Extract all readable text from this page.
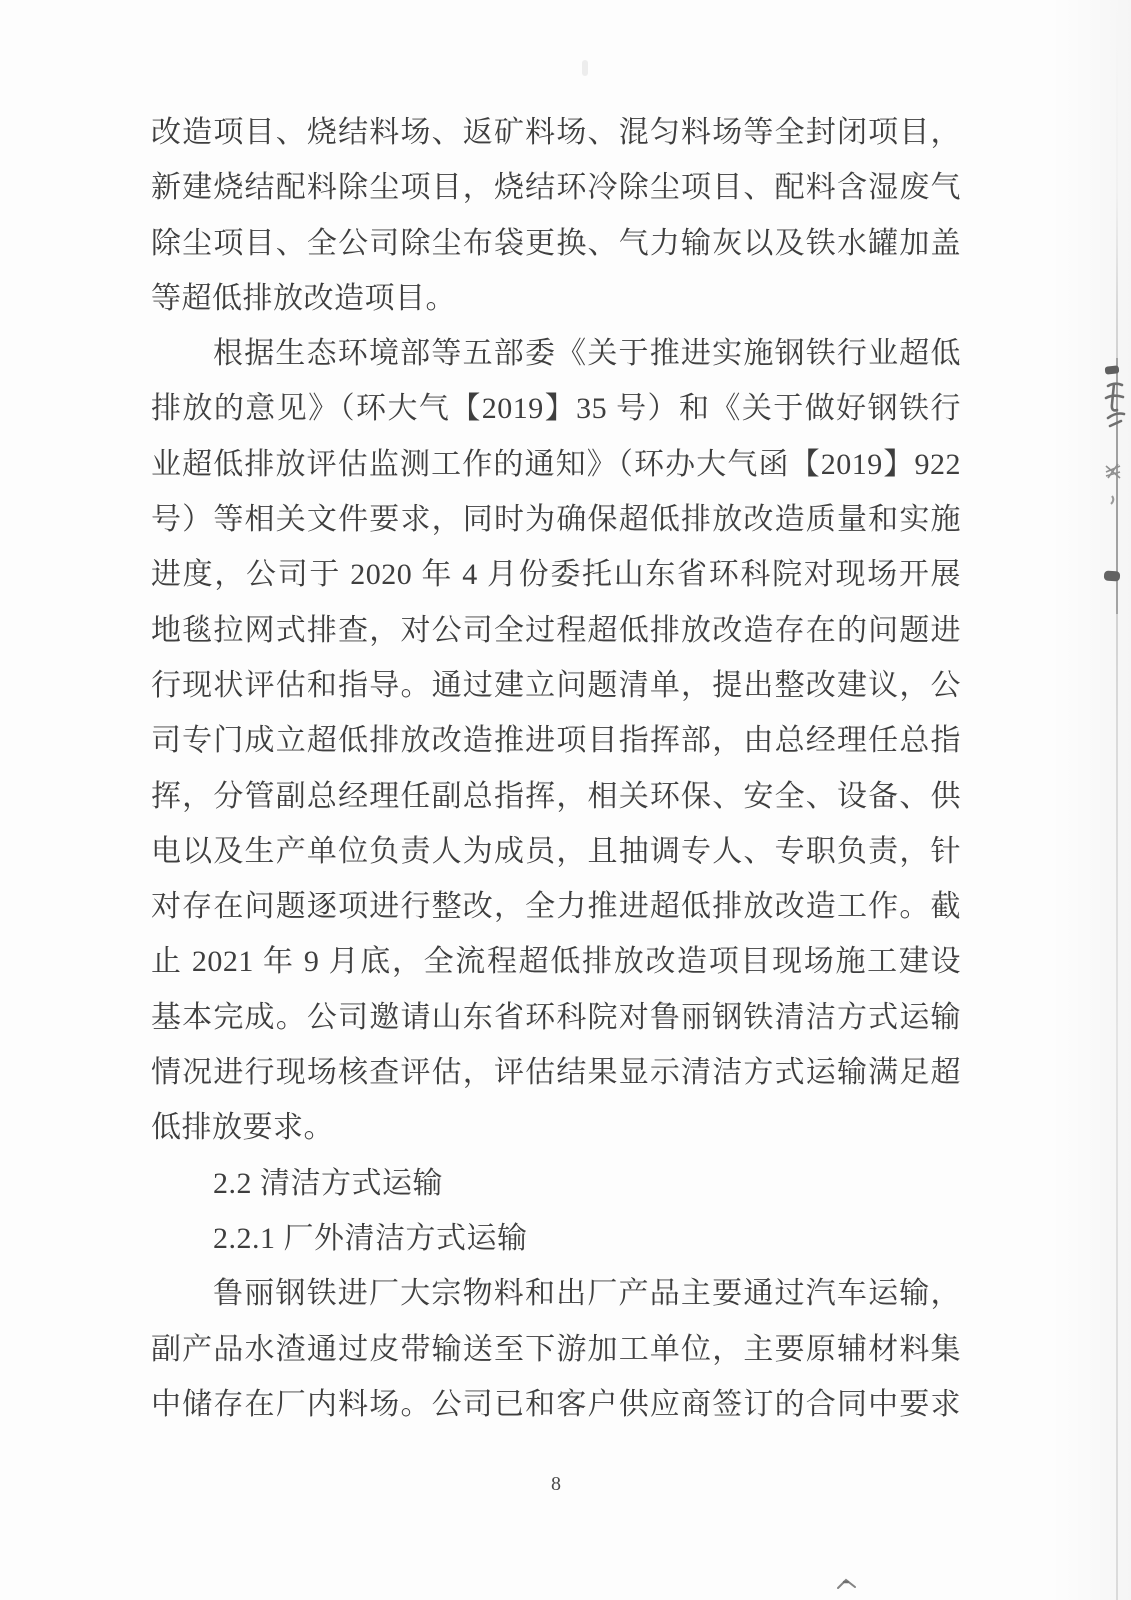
改造项目、烧结料场、返矿料场、混匀料场等全封闭项目，
新建烧结配料除尘项目，烧结环冷除尘项目、配料含湿废气
除尘项目、全公司除尘布袋更换、气力输灰以及铁水罐加盖
等超低排放改造项目。
根据生态环境部等五部委《关于推进实施钢铁行业超低
排放的意见》（环大气【2019】35 号）和《关于做好钢铁行
业超低排放评估监测工作的通知》（环办大气函【2019】922
号）等相关文件要求，同时为确保超低排放改造质量和实施
进度，公司于 2020 年 4 月份委托山东省环科院对现场开展
地毯拉网式排查，对公司全过程超低排放改造存在的问题进
行现状评估和指导。通过建立问题清单，提出整改建议，公
司专门成立超低排放改造推进项目指挥部，由总经理任总指
挥，分管副总经理任副总指挥，相关环保、安全、设备、供
电以及生产单位负责人为成员，且抽调专人、专职负责，针
对存在问题逐项进行整改，全力推进超低排放改造工作。截
止 2021 年 9 月底，全流程超低排放改造项目现场施工建设
基本完成。公司邀请山东省环科院对鲁丽钢铁清洁方式运输
情况进行现场核查评估，评估结果显示清洁方式运输满足超
低排放要求。
2.2 清洁方式运输
2.2.1 厂外清洁方式运输
鲁丽钢铁进厂大宗物料和出厂产品主要通过汽车运输，
副产品水渣通过皮带输送至下游加工单位，主要原辅材料集
中储存在厂内料场。公司已和客户供应商签订的合同中要求
8
